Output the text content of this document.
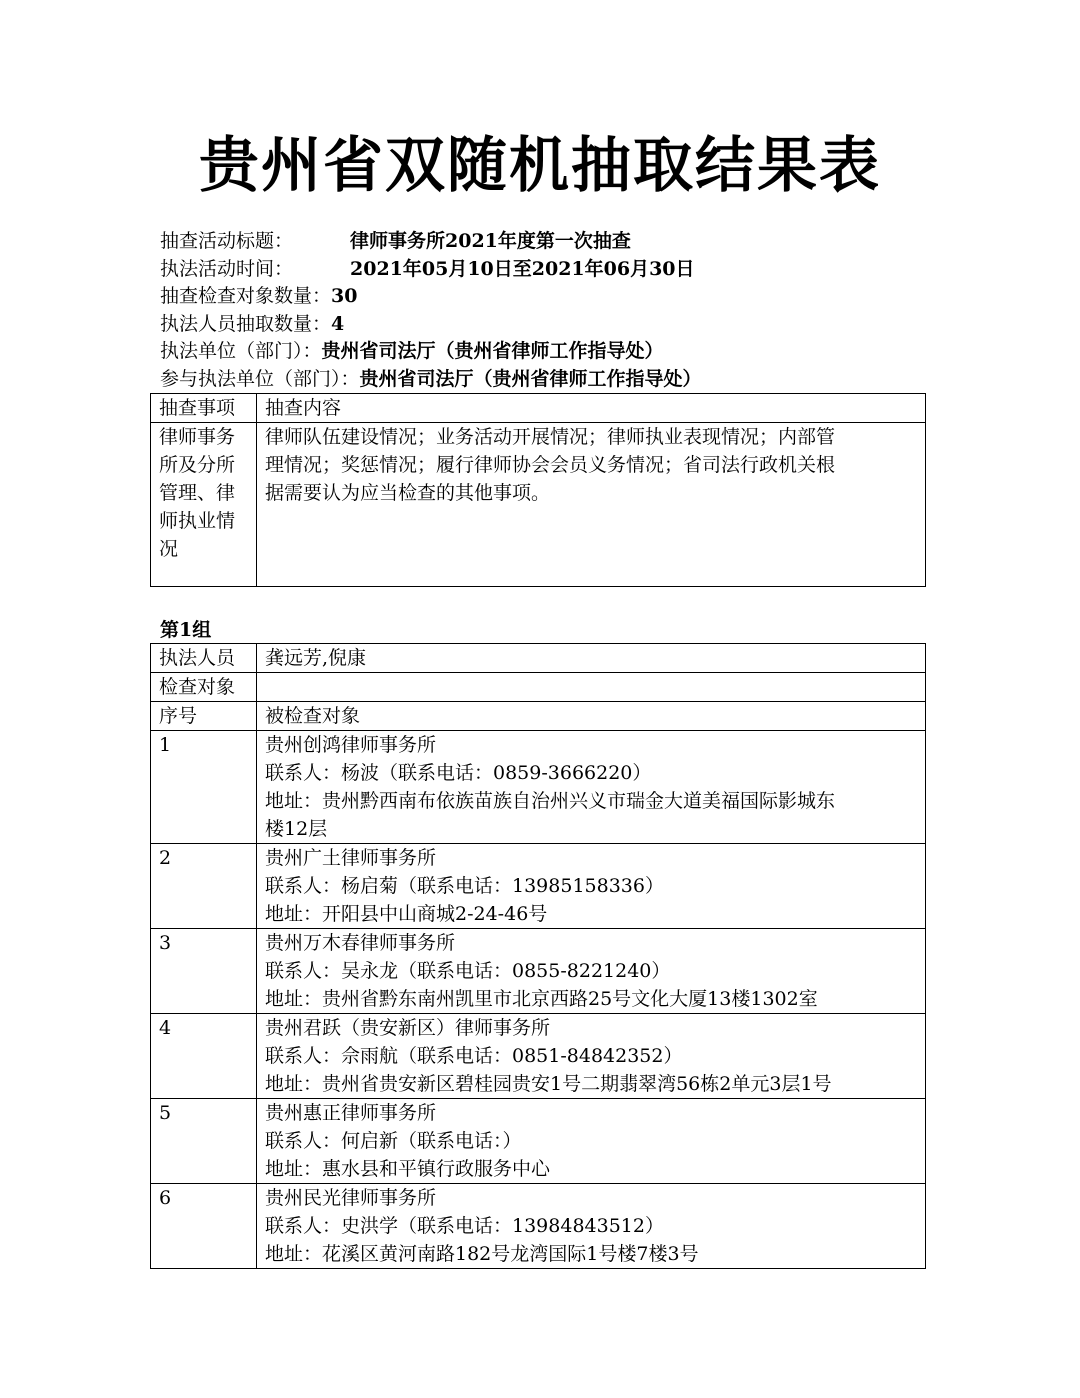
贵州省双随机抽取结果表
抽查活动标题：	律师事务所2021年度第一次抽查
执法活动时间：	2021年05月10日至2021年06月30日
抽查检查对象数量：30
执法人员抽取数量：4
执法单位（部门）：贵州省司法厅（贵州省律师工作指导处）
参与执法单位（部门）：贵州省司法厅（贵州省律师工作指导处）
抽查事项	抽查内容

律师事务
所及分所
管理、律
师执业情
况	律师队伍建设情况；业务活动开展情况；律师执业表现情况；内部管
理情况；奖惩情况；履行律师协会会员义务情况；省司法行政机关根
据需要认为应当检查的其他事项。
第1组
执法人员	龚远芳,倪康
检查对象	
序号	被检查对象
1	贵州创鸿律师事务所
联系人：杨波（联系电话：0859-3666220）
地址：贵州黔西南布依族苗族自治州兴义市瑞金大道美福国际影城东
楼12层

2	贵州广土律师事务所
联系人：杨启菊（联系电话：13985158336）
地址：开阳县中山商城2-24-46号

3	贵州万木春律师事务所
联系人：吴永龙（联系电话：0855-8221240）
地址：贵州省黔东南州凯里市北京西路25号文化大厦13楼1302室

4	贵州君跃（贵安新区）律师事务所
联系人：佘雨航（联系电话：0851-84842352）
地址：贵州省贵安新区碧桂园贵安1号二期翡翠湾56栋2单元3层1号

5	贵州惠正律师事务所
联系人：何启新（联系电话：）
地址：惠水县和平镇行政服务中心

6	贵州民光律师事务所
联系人：史洪学（联系电话：13984843512）
地址：花溪区黄河南路182号龙湾国际1号楼7楼3号
